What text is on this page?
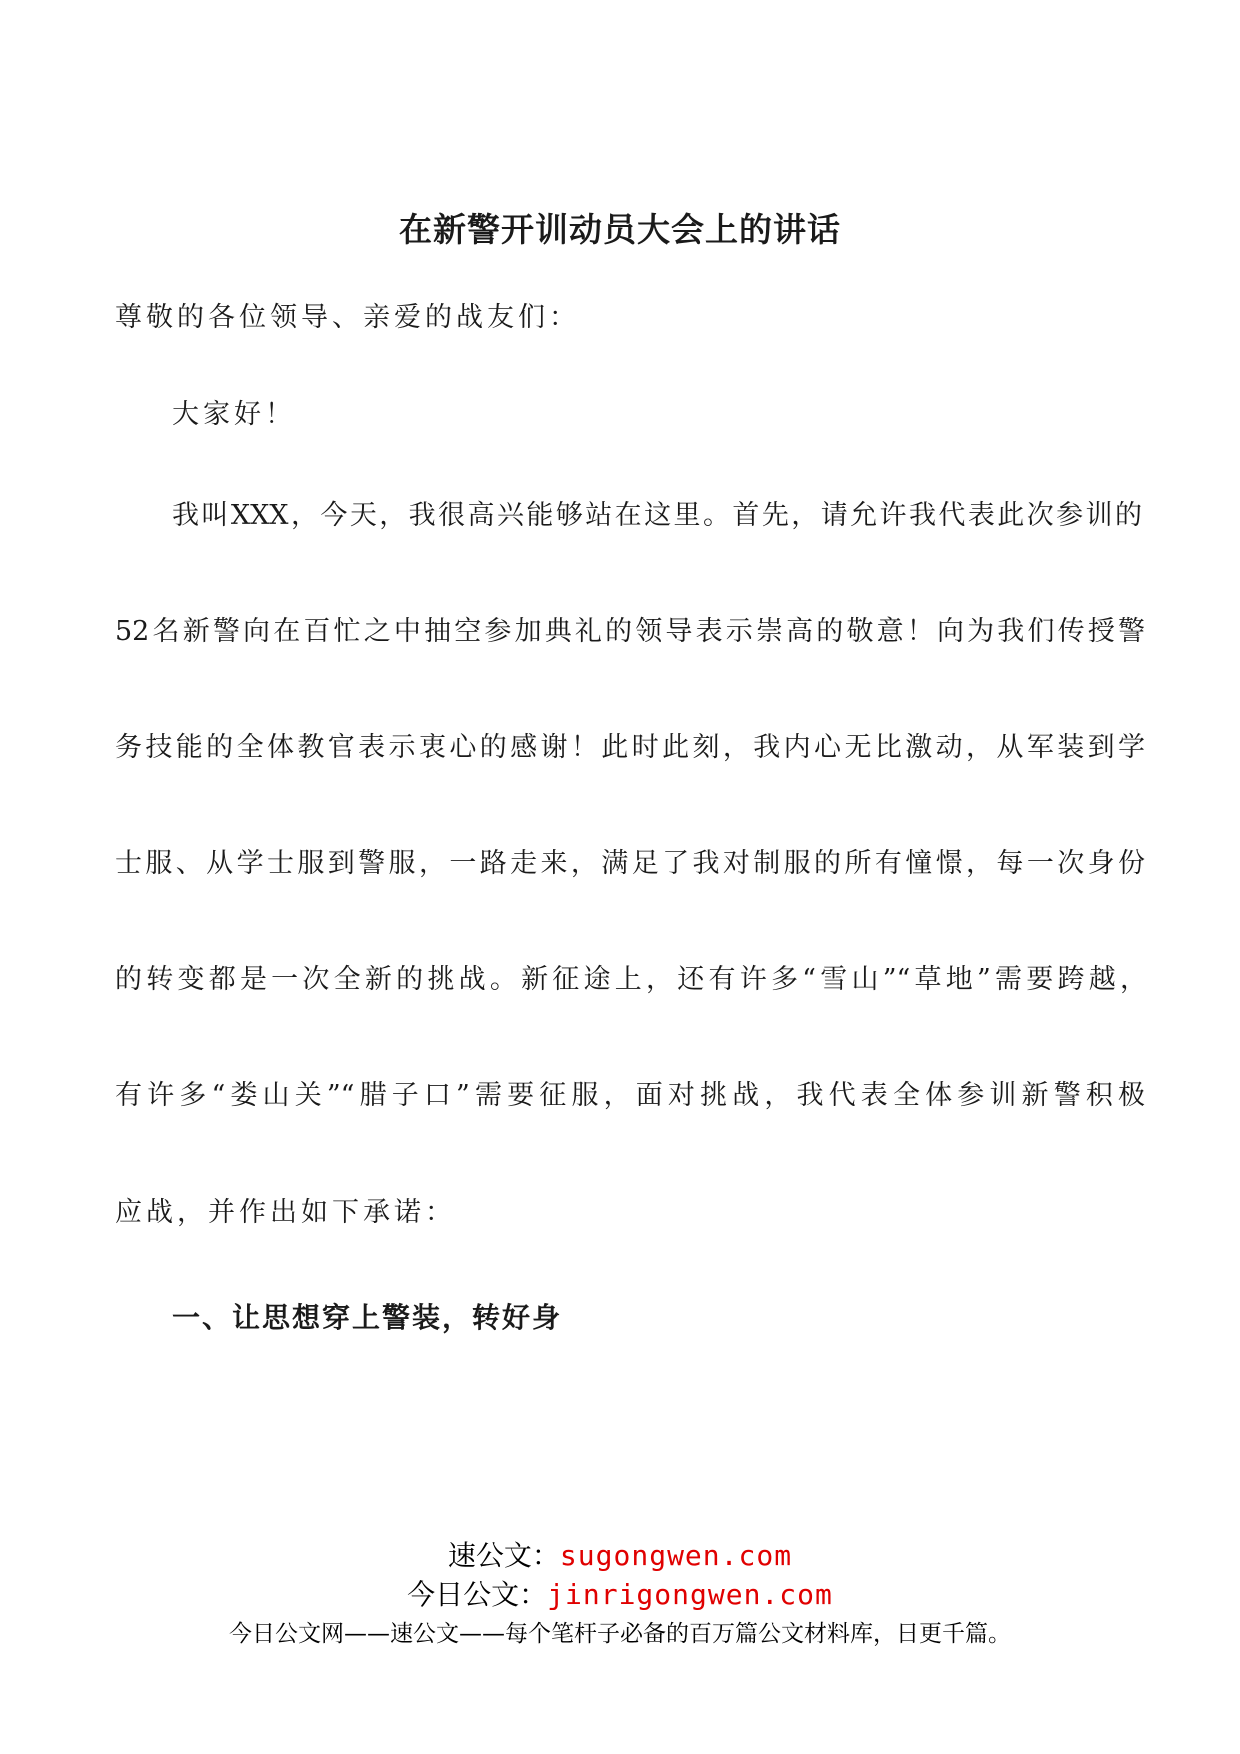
在新警开训动员大会上的讲话
尊敬的各位领导、亲爱的战友们：
大家好！
我叫XXX，今天，我很高兴能够站在这里。首先，请允许我代表此次参训的
52名新警向在百忙之中抽空参加典礼的领导表示崇高的敬意！向为我们传授警
务技能的全体教官表示衷心的感谢！此时此刻，我内心无比激动，从军装到学
士服、从学士服到警服，一路走来，满足了我对制服的所有憧憬，每一次身份
的转变都是一次全新的挑战。新征途上，还有许多“雪山”“草地”需要跨越，
有许多“娄山关”“腊子口”需要征服，面对挑战，我代表全体参训新警积极
应战，并作出如下承诺：
一、让思想穿上警装，转好身
速公文：sugongwen.com
今日公文：jinrigongwen.com
今日公文网——速公文——每个笔杆子必备的百万篇公文材料库，日更千篇。
